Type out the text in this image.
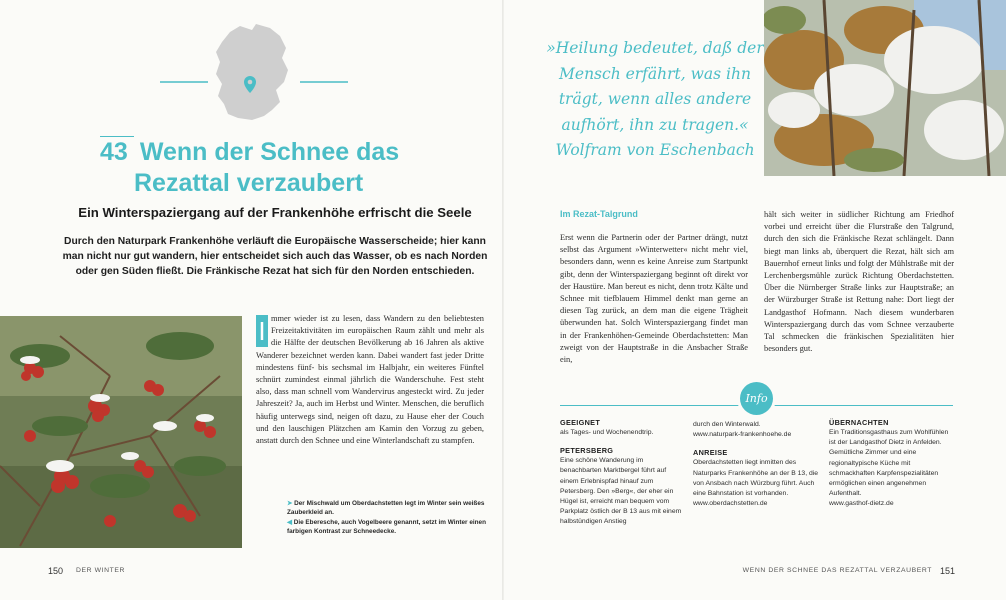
43 Wenn der Schnee das
Rezattal verzaubert
Ein Winterspaziergang auf der Frankenhöhe erfrischt die Seele
Durch den Naturpark Frankenhöhe verläuft die Europäische Wasserscheide; hier kann man nicht nur gut wandern, hier entscheidet sich auch das Wasser, ob es nach Norden oder gen Süden fließt. Die Fränkische Rezat hat sich für den Norden entschieden.
I mmer wieder ist zu lesen, dass Wandern zu den beliebtesten Freizeitaktivitäten im europäischen Raum zählt und mehr als die Hälfte der deutschen Bevölkerung ab 16 Jahren als aktive Wanderer bezeichnet werden kann. Dabei wandert fast jeder Dritte mindestens fünf- bis sechsmal im Halbjahr, ein weiteres Fünftel schnürt zumindest einmal jährlich die Wanderschuhe. Fest steht also, dass man schnell vom Wandervirus angesteckt wird. Zu jeder Jahreszeit? Ja, auch im Herbst und Winter. Menschen, die beruflich häufig unterwegs sind, neigen oft dazu, zu Hause eher der Couch und den lauschigen Plätzchen am Kamin den Vorzug zu geben, anstatt durch den Schnee und eine Winterlandschaft zu stampfen.
➤ Der Mischwald um Oberdachstetten legt im Winter sein weißes Zauberkleid an.
◀ Die Eberesche, auch Vogelbeere genannt, setzt im Winter einen farbigen Kontrast zur Schneedecke.
150 DER WINTER
»Heilung bedeutet, daß der
Mensch erfährt, was ihn
trägt, wenn alles andere
aufhört, ihn zu tragen.«
Wolfram von Eschenbach
Im Rezat-Talgrund
Erst wenn die Partnerin oder der Partner drängt, nutzt selbst das Argument »Winterwetter« nicht mehr viel, besonders dann, wenn es keine Anreise zum Startpunkt gibt, denn der Winterspaziergang beginnt oft direkt vor der Haustüre. Man bereut es nicht, denn trotz Kälte und Schnee mit tiefblauem Himmel denkt man gerne an diesen Tag zurück, an dem man die eigene Trägheit überwunden hat. Solch Winterspaziergang findet man in der Frankenhöhen-Gemeinde Oberdachstetten: Man zweigt von der Hauptstraße in die Ansbacher Straße ein,
hält sich weiter in südlicher Richtung am Friedhof vorbei und erreicht über die Flurstraße den Talgrund, durch den sich die Fränkische Rezat schlängelt. Dann biegt man links ab, überquert die Rezat, hält sich am Bauernhof erneut links und folgt der Mühlstraße mit der Lerchenbergsmühle zurück Richtung Oberdachstetten. Über die Nürnberger Straße links zur Hauptstraße; an der Würzburger Straße ist Rettung nahe: Dort liegt der Landgasthof Hofmann. Nach diesem wunderbaren Winterspaziergang durch das vom Schnee verzauberte Tal schmecken die fränkischen Spezialitäten hier besonders gut.
Info
GEEIGNET
als Tages- und Wochenendtrip.
PETERSBERG
Eine schöne Wanderung im benachbarten Marktbergel führt auf einem Erlebnispfad hinauf zum Petersberg. Den »Berg«, der eher ein Hügel ist, erreicht man bequem vom Parkplatz östlich der B 13 aus mit einem halbstündigen Anstieg
durch den Winterwald.
www.naturpark-frankenhoehe.de
ANREISE
Oberdachstetten liegt inmitten des Naturparks Frankenhöhe an der B 13, die von Ansbach nach Würzburg führt. Auch eine Bahnstation ist vorhanden.
www.oberdachstetten.de
ÜBERNACHTEN
Ein Traditionsgasthaus zum Wohlfühlen ist der Landgasthof Dietz in Anfelden. Gemütliche Zimmer und eine regionaltypische Küche mit schmackhaften Karpfenspezialitäten ermöglichen einen angenehmen Aufenthalt.
www.gasthof-dietz.de
WENN DER SCHNEE DAS REZATTAL VERZAUBERT 151
